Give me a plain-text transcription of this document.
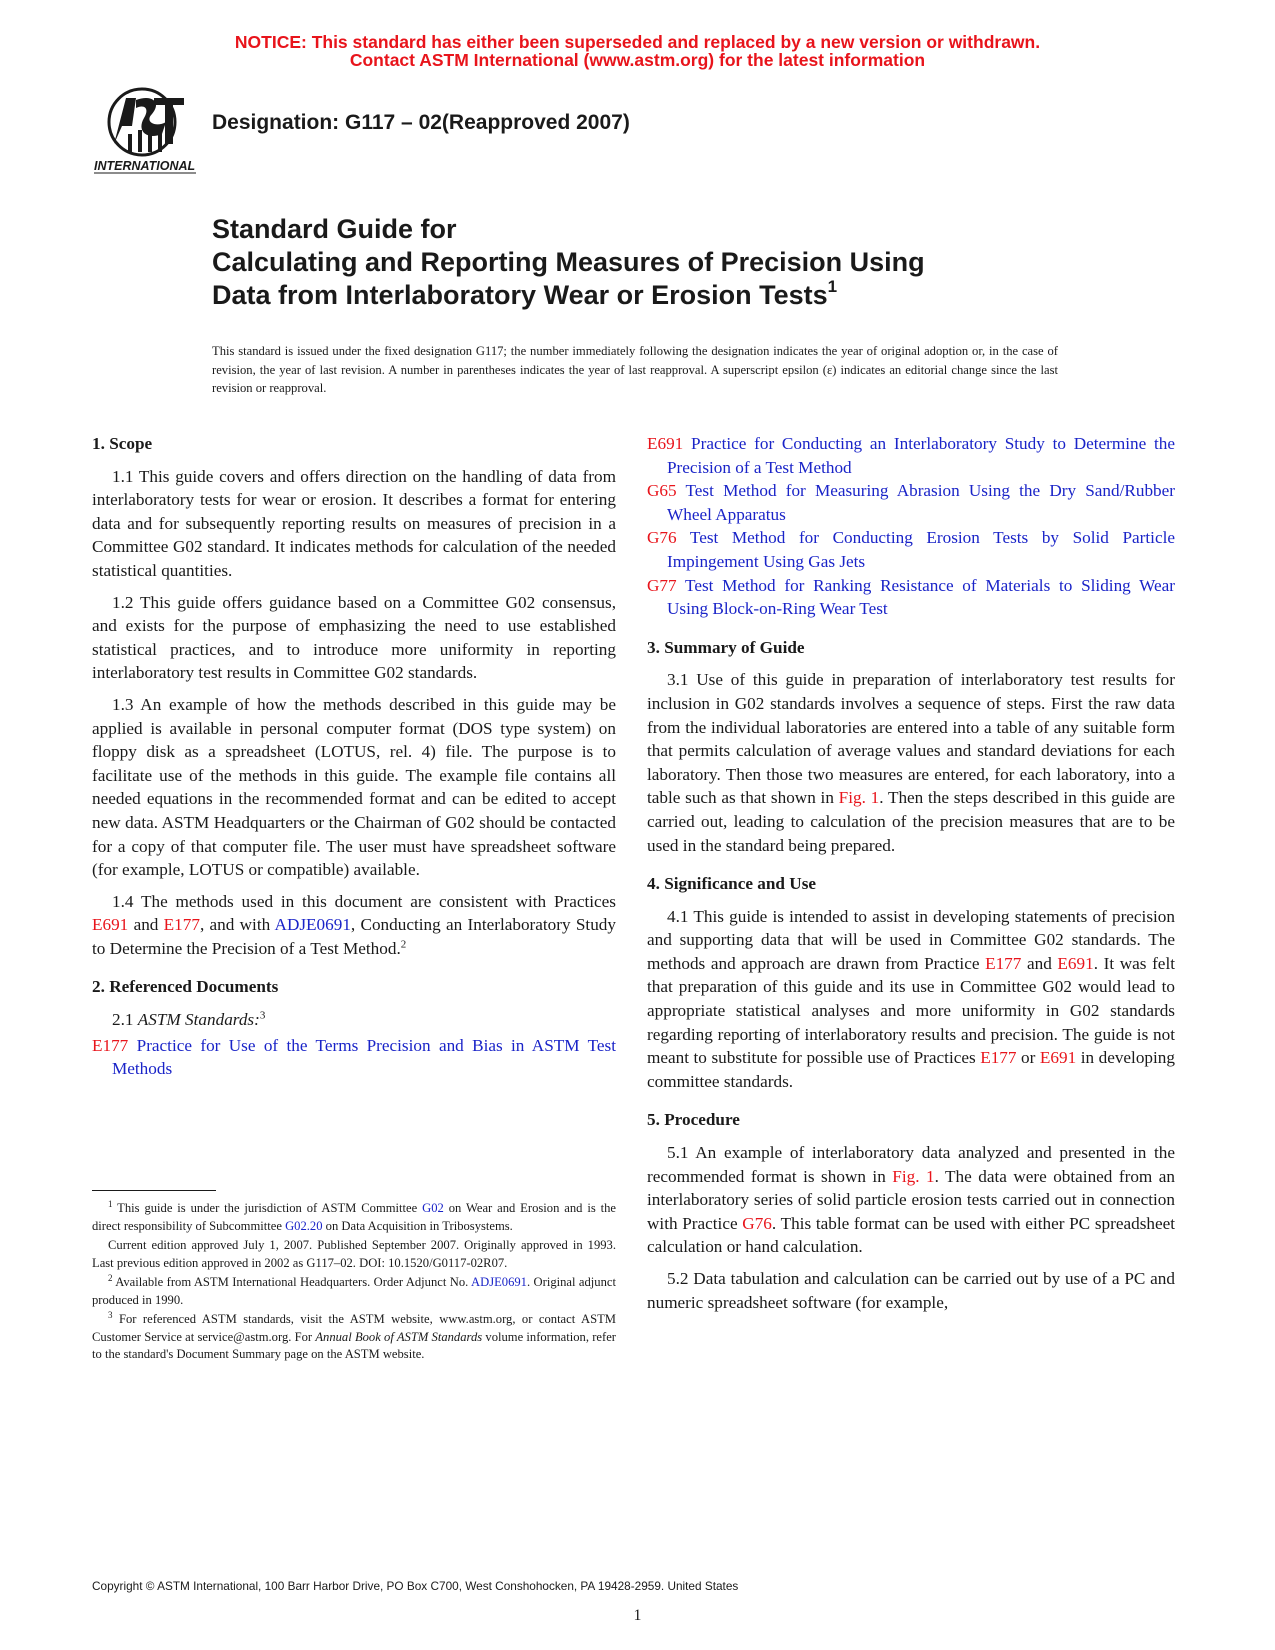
NOTICE: This standard has either been superseded and replaced by a new version or withdrawn.
Contact ASTM International (www.astm.org) for the latest information
INTERNATIONAL
Designation: G117 – 02(Reapproved 2007)
Standard Guide for
Calculating and Reporting Measures of Precision Using
Data from Interlaboratory Wear or Erosion Tests$^1$
This standard is issued under the fixed designation G117; the number immediately following the designation indicates the year of original adoption or, in the case of revision, the year of last revision. A number in parentheses indicates the year of last reapproval. A superscript epsilon (ε) indicates an editorial change since the last revision or reapproval.
1. Scope
1.1 This guide covers and offers direction on the handling of data from interlaboratory tests for wear or erosion. It describes a format for entering data and for subsequently reporting results on measures of precision in a Committee G02 standard. It indicates methods for calculation of the needed statistical quantities.
1.2 This guide offers guidance based on a Committee G02 consensus, and exists for the purpose of emphasizing the need to use established statistical practices, and to introduce more uniformity in reporting interlaboratory test results in Committee G02 standards.
1.3 An example of how the methods described in this guide may be applied is available in personal computer format (DOS type system) on floppy disk as a spreadsheet (LOTUS, rel. 4) file. The purpose is to facilitate use of the methods in this guide. The example file contains all needed equations in the recommended format and can be edited to accept new data. ASTM Headquarters or the Chairman of G02 should be contacted for a copy of that computer file. The user must have spreadsheet software (for example, LOTUS or compatible) available.
1.4 The methods used in this document are consistent with Practices E691 and E177, and with ADJE0691, Conducting an Interlaboratory Study to Determine the Precision of a Test Method.$^2$
2. Referenced Documents
2.1 ASTM Standards:$^3$
E177 Practice for Use of the Terms Precision and Bias in ASTM Test Methods
$^1$ This guide is under the jurisdiction of ASTM Committee G02 on Wear and Erosion and is the direct responsibility of Subcommittee G02.20 on Data Acquisition in Tribosystems.
Current edition approved July 1, 2007. Published September 2007. Originally approved in 1993. Last previous edition approved in 2002 as G117–02. DOI: 10.1520/G0117-02R07.
$^2$ Available from ASTM International Headquarters. Order Adjunct No. ADJE0691. Original adjunct produced in 1990.
$^3$ For referenced ASTM standards, visit the ASTM website, www.astm.org, or contact ASTM Customer Service at service@astm.org. For Annual Book of ASTM Standards volume information, refer to the standard's Document Summary page on the ASTM website.
E691 Practice for Conducting an Interlaboratory Study to Determine the Precision of a Test Method
G65 Test Method for Measuring Abrasion Using the Dry Sand/Rubber Wheel Apparatus
G76 Test Method for Conducting Erosion Tests by Solid Particle Impingement Using Gas Jets
G77 Test Method for Ranking Resistance of Materials to Sliding Wear Using Block-on-Ring Wear Test
3. Summary of Guide
3.1 Use of this guide in preparation of interlaboratory test results for inclusion in G02 standards involves a sequence of steps. First the raw data from the individual laboratories are entered into a table of any suitable form that permits calculation of average values and standard deviations for each laboratory. Then those two measures are entered, for each laboratory, into a table such as that shown in Fig. 1. Then the steps described in this guide are carried out, leading to calculation of the precision measures that are to be used in the standard being prepared.
4. Significance and Use
4.1 This guide is intended to assist in developing statements of precision and supporting data that will be used in Committee G02 standards. The methods and approach are drawn from Practice E177 and E691. It was felt that preparation of this guide and its use in Committee G02 would lead to appropriate statistical analyses and more uniformity in G02 standards regarding reporting of interlaboratory results and precision. The guide is not meant to substitute for possible use of Practices E177 or E691 in developing committee standards.
5. Procedure
5.1 An example of interlaboratory data analyzed and presented in the recommended format is shown in Fig. 1. The data were obtained from an interlaboratory series of solid particle erosion tests carried out in connection with Practice G76. This table format can be used with either PC spreadsheet calculation or hand calculation.
5.2 Data tabulation and calculation can be carried out by use of a PC and numeric spreadsheet software (for example,
Copyright © ASTM International, 100 Barr Harbor Drive, PO Box C700, West Conshohocken, PA 19428-2959. United States
1
